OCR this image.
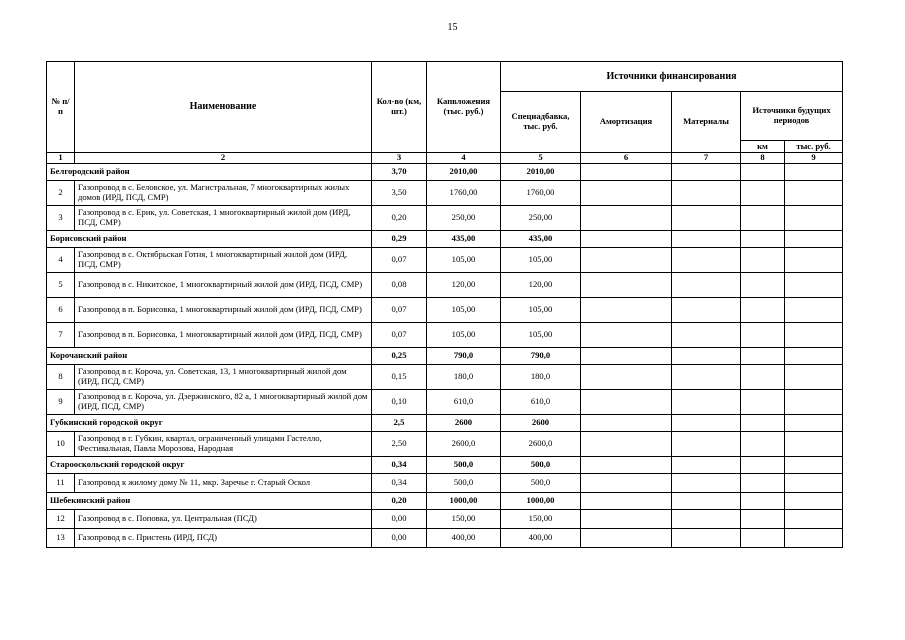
15
№ п/п	Наименование	Кол-во (км, шт.)	Капвложения (тыс. руб.)	Источники финансирования				
				Специадбавка, тыс. руб.	Амортизация	Материалы	Источники будущих периодов	
							км	тыс. руб.
1	2	3	4	5	6	7	8	9
Белгородский район		3,70	2010,00	2010,00				
2	Газопровод в с. Беловское, ул. Магистральная, 7 многоквартирных жилых домов (ИРД, ПСД, СМР)	3,50	1760,00	1760,00				
3	Газопровод в с. Ерик, ул. Советская, 1 многоквартирный жилой дом (ИРД, ПСД, СМР)	0,20	250,00	250,00				
Борисовский район		0,29	435,00	435,00				
4	Газопровод в с. Октябрьская Готня, 1 многоквартирный жилой дом (ИРД, ПСД, СМР)	0,07	105,00	105,00				
5	Газопровод в с. Никитское, 1 многоквартирный жилой дом (ИРД, ПСД, СМР)	0,08	120,00	120,00				
6	Газопровод в п. Борисовка, 1 многоквартирный жилой дом (ИРД, ПСД, СМР)	0,07	105,00	105,00				
7	Газопровод в п. Борисовка, 1 многоквартирный жилой дом (ИРД, ПСД, СМР)	0,07	105,00	105,00				
Корочанский район		0,25	790,0	790,0				
8	Газопровод в г. Короча, ул. Советская, 13, 1 многоквартирный жилой дом (ИРД, ПСД, СМР)	0,15	180,0	180,0				
9	Газопровод в г. Короча, ул. Дзержинского, 82 а, 1 многоквартирный жилой дом (ИРД, ПСД, СМР)	0,10	610,0	610,0				
Губкинский городской округ		2,5	2600	2600				
10	Газопровод в г. Губкин, квартал, ограниченный улицами Гастелло, Фестивальная, Павла Морозова, Народная	2,50	2600,0	2600,0				
Старооскольский городской округ		0,34	500,0	500,0				
11	Газопровод к жилому дому № 11, мкр. Заречье г. Старый Оскол	0,34	500,0	500,0				
Шебекинский район		0,20	1000,00	1000,00				
12	Газопровод в с. Поповка, ул. Центральная (ПСД)	0,00	150,00	150,00				
13	Газопровод в с. Пристень (ИРД, ПСД)	0,00	400,00	400,00				
